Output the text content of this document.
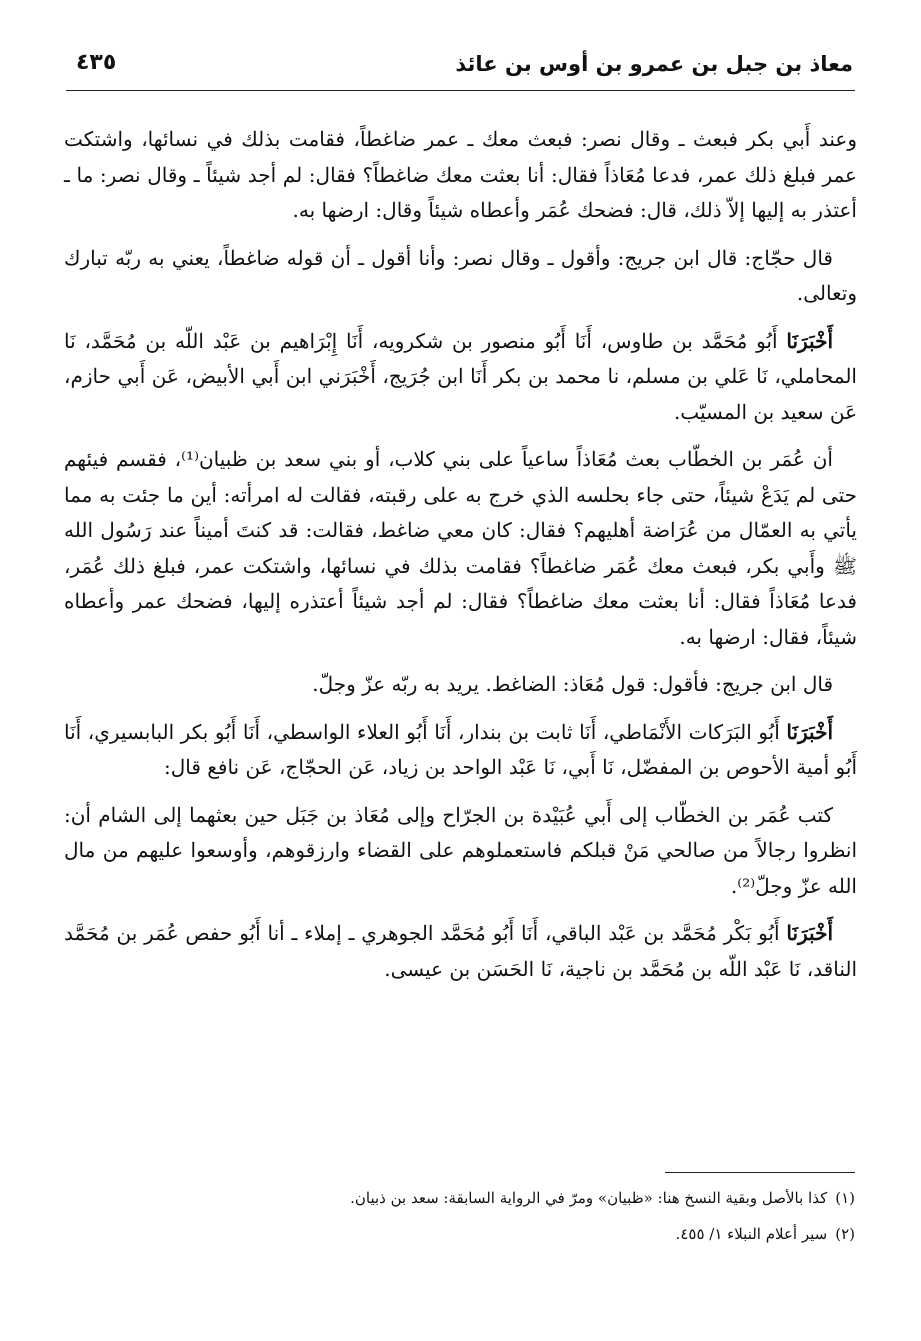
معاذ بن جبل بن عمرو بن أوس بن عائذ
٤٣٥

وعند أَبي بكر فبعث ـ وقال نصر: فبعث معك ـ عمر ضاغطاً، فقامت بذلك في نسائها، واشتكت عمر فبلغ ذلك عمر، فدعا مُعَاذاً فقال: أنا بعثت معك ضاغطاً؟ فقال: لم أجد شيئاً ـ وقال نصر: ما ـ أعتذر به إليها إلاّ ذلك، قال: فضحك عُمَر وأعطاه شيئاً وقال: ارضها به.

قال حجّاج: قال ابن جريج: وأقول ـ وقال نصر: وأنا أقول ـ أن قوله ضاغطاً، يعني به ربّه تبارك وتعالى.

أَخْبَرَنَا أَبُو مُحَمَّد بن طاوس، أَنَا أَبُو منصور بن شكرويه، أَنَا إِبْرَاهيم بن عَبْد اللّه بن مُحَمَّد، نَا المحاملي، نَا عَلي بن مسلم، نا محمد بن بكر أَنَا ابن جُرَيج، أَخْبَرَني ابن أَبي الأبيض، عَن أَبي حازم، عَن سعيد بن المسيّب.

أن عُمَر بن الخطّاب بعث مُعَاذاً ساعياً على بني كلاب، أو بني سعد بن ظبيان⁽¹⁾، فقسم فيئهم حتى لم يَدَعْ شيئاً، حتى جاء بحلسه الذي خرج به على رقبته، فقالت له امرأته: أين ما جئت به مما يأتي به العمّال من عُرَاضة أهليهم؟ فقال: كان معي ضاغط، فقالت: قد كنتَ أميناً عند رَسُول الله ﷺ وأَبي بكر، فبعث معك عُمَر ضاغطاً؟ فقامت بذلك في نسائها، واشتكت عمر، فبلغ ذلك عُمَر، فدعا مُعَاذاً فقال: أنا بعثت معك ضاغطاً؟ فقال: لم أجد شيئاً أعتذره إليها، فضحك عمر وأعطاه شيئاً، فقال: ارضها به.

قال ابن جريج: فأقول: قول مُعَاذ: الضاغط. يريد به ربّه عزّ وجلّ.

أَخْبَرَنَا أَبُو البَرَكات الأَنْمَاطي، أَنَا ثابت بن بندار، أَنَا أَبُو العلاء الواسطي، أَنَا أَبُو بكر البابسيري، أَنَا أَبُو أمية الأحوص بن المفضّل، نَا أَبي، نَا عَبْد الواحد بن زياد، عَن الحجّاج، عَن نافع قال:

كتب عُمَر بن الخطّاب إلى أَبي عُبَيْدة بن الجرّاح وإلى مُعَاذ بن جَبَل حين بعثهما إلى الشام أن: انظروا رجالاً من صالحي مَنْ قبلكم فاستعملوهم على القضاء وارزقوهم، وأوسعوا عليهم من مال الله عزّ وجلّ⁽²⁾.

أَخْبَرَنَا أَبُو بَكْر مُحَمَّد بن عَبْد الباقي، أَنَا أَبُو مُحَمَّد الجوهري ـ إملاء ـ أنا أَبُو حفص عُمَر بن مُحَمَّد الناقد، نَا عَبْد اللّه بن مُحَمَّد بن ناجية، نَا الحَسَن بن عيسى.

(١)كذا بالأصل وبقية النسخ هنا: «ظبيان» ومرّ في الرواية السابقة: سعد بن ذبيان.

(٢)سير أعلام النبلاء ١/ ٤٥٥.
